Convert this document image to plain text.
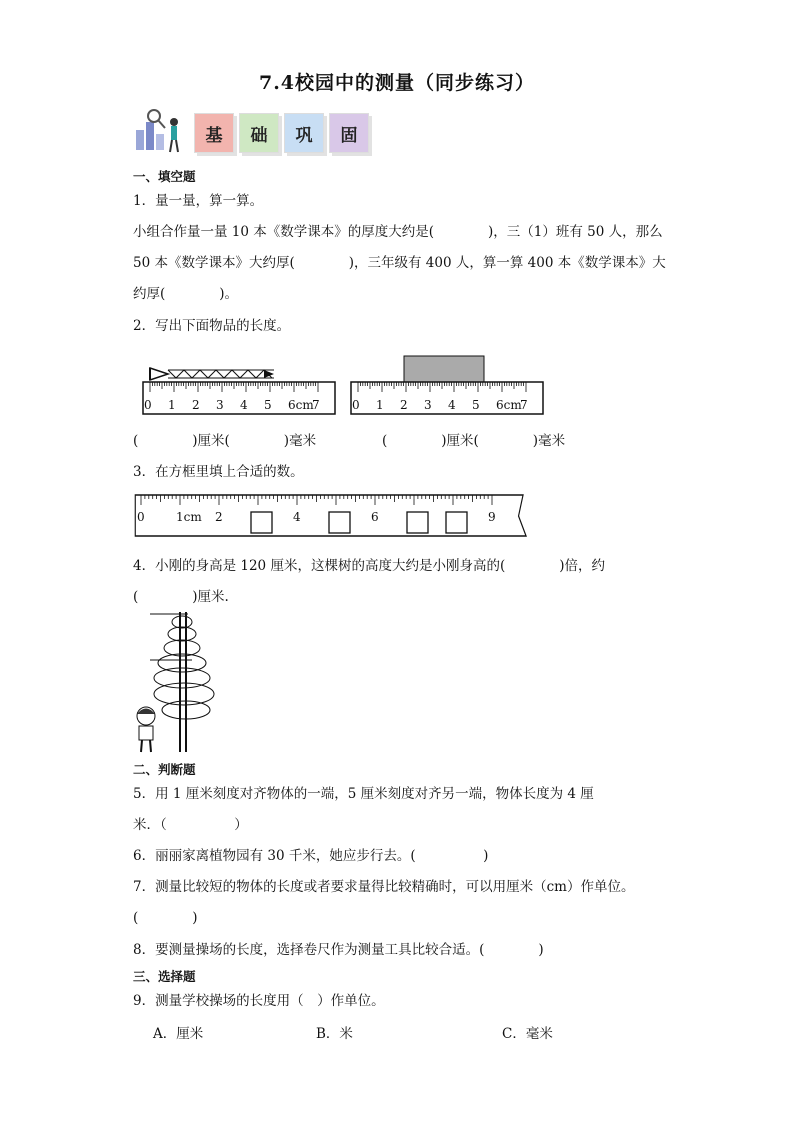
7.4校园中的测量（同步练习）
基	础	巩	固
一、填空题
1．量一量，算一算。
小组合作量一量 10 本《数学课本》的厚度大约是(　　　　)，三（1）班有 50 人，那么
50 本《数学课本》大约厚(　　　　)，三年级有 400 人，算一算 400 本《数学课本》大
约厚(　　　　)。
2．写出下面物品的长度。
0 1 2 3 4 5 6cm
7	0 1 2 3 4 5 6cm
7
(　　　　)厘米(　　　　)毫米	(　　　　)厘米(　　　　)毫米
3．在方框里填上合适的数。
0	1cm 2	4	6	9
4．小刚的身高是 120 厘米，这棵树的高度大约是小刚身高的(　　　　)倍，约
(　　　　)厘米.
二、判断题
5．用 1 厘米刻度对齐物体的一端，5 厘米刻度对齐另一端，物体长度为 4 厘
米．（　　　　　）
6．丽丽家离植物园有 30 千米，她应步行去。(　　　　　)
7．测量比较短的物体的长度或者要求量得比较精确时，可以用厘米（cm）作单位。
(　　　　)
8．要测量操场的长度，选择卷尺作为测量工具比较合适。(　　　　)
三、选择题
9．测量学校操场的长度用（　）作单位。
A．厘米	B．米	C．毫米
